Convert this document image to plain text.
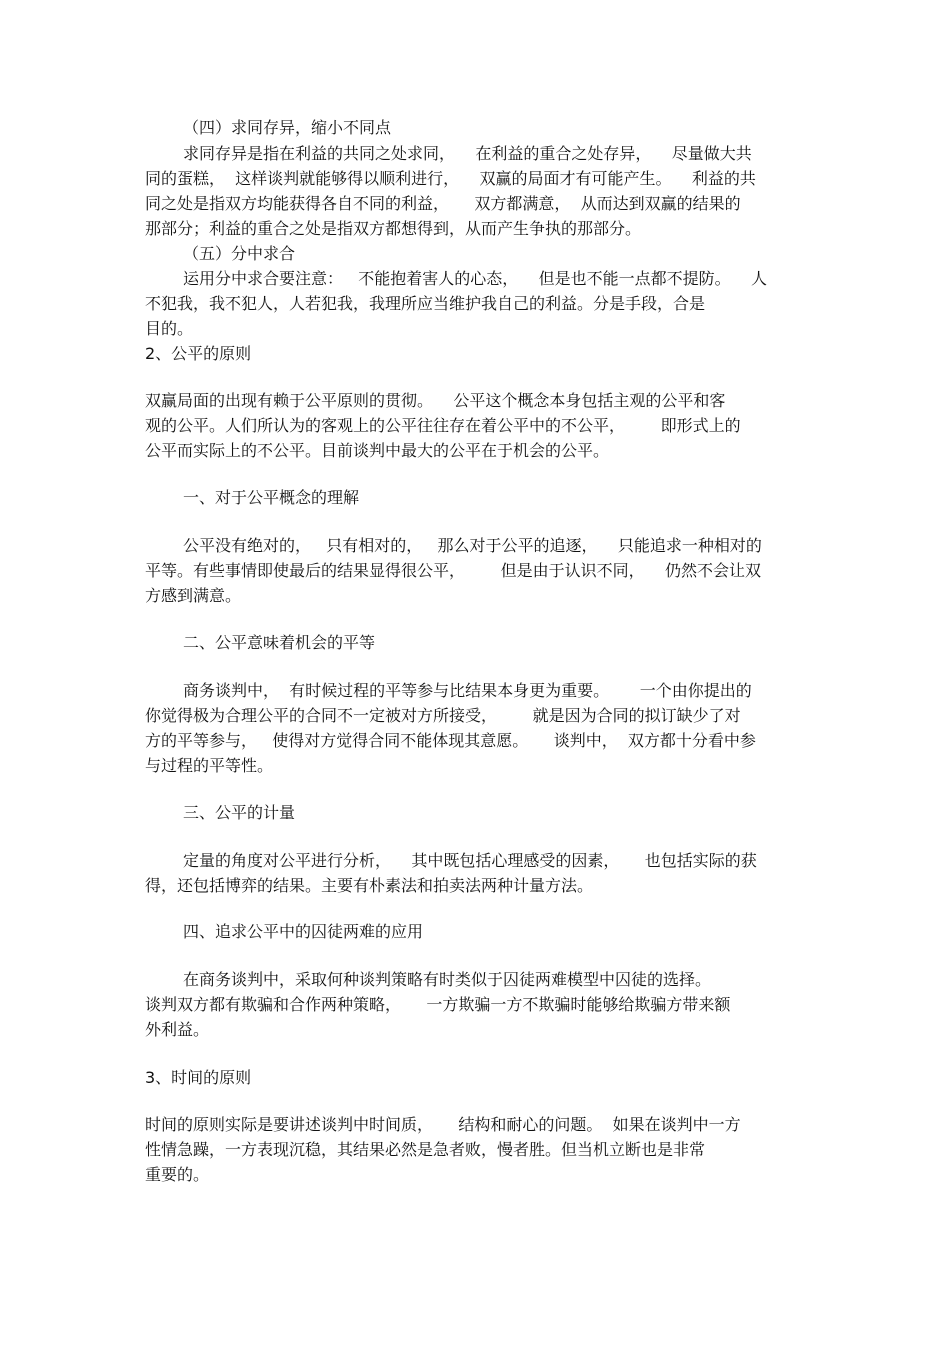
（四）求同存异，缩小不同点
求同存异是指在利益的共同之处求同，    在利益的重合之处存异，    尽量做大共
同的蛋糕，  这样谈判就能够得以顺利进行，    双赢的局面才有可能产生。    利益的共
同之处是指双方均能获得各自不同的利益，     双方都满意，  从而达到双赢的结果的
那部分；利益的重合之处是指双方都想得到，从而产生争执的那部分。
（五）分中求合
运用分中求合要注意：   不能抱着害人的心态，    但是也不能一点都不提防。    人
不犯我，我不犯人，人若犯我，我理所应当维护我自己的利益。分是手段，合是
目的。
2、公平的原则
双赢局面的出现有赖于公平原则的贯彻。    公平这个概念本身包括主观的公平和客
观的公平。人们所认为的客观上的公平往往存在着公平中的不公平，       即形式上的
公平而实际上的不公平。目前谈判中最大的公平在于机会的公平。
一、对于公平概念的理解
公平没有绝对的，   只有相对的，   那么对于公平的追逐，    只能追求一种相对的
平等。有些事情即使最后的结果显得很公平，       但是由于认识不同，    仍然不会让双
方感到满意。
二、公平意味着机会的平等
商务谈判中，  有时候过程的平等参与比结果本身更为重要。      一个由你提出的
你觉得极为合理公平的合同不一定被对方所接受，       就是因为合同的拟订缺少了对
方的平等参与，   使得对方觉得合同不能体现其意愿。     谈判中，  双方都十分看中参
与过程的平等性。
三、公平的计量
定量的角度对公平进行分析，    其中既包括心理感受的因素，     也包括实际的获
得，还包括博弈的结果。主要有朴素法和拍卖法两种计量方法。
四、追求公平中的囚徒两难的应用
在商务谈判中，采取何种谈判策略有时类似于囚徒两难模型中囚徒的选择。
谈判双方都有欺骗和合作两种策略，     一方欺骗一方不欺骗时能够给欺骗方带来额
外利益。
3、时间的原则
时间的原则实际是要讲述谈判中时间质，     结构和耐心的问题。  如果在谈判中一方
性情急躁，一方表现沉稳，其结果必然是急者败，慢者胜。但当机立断也是非常
重要的。
